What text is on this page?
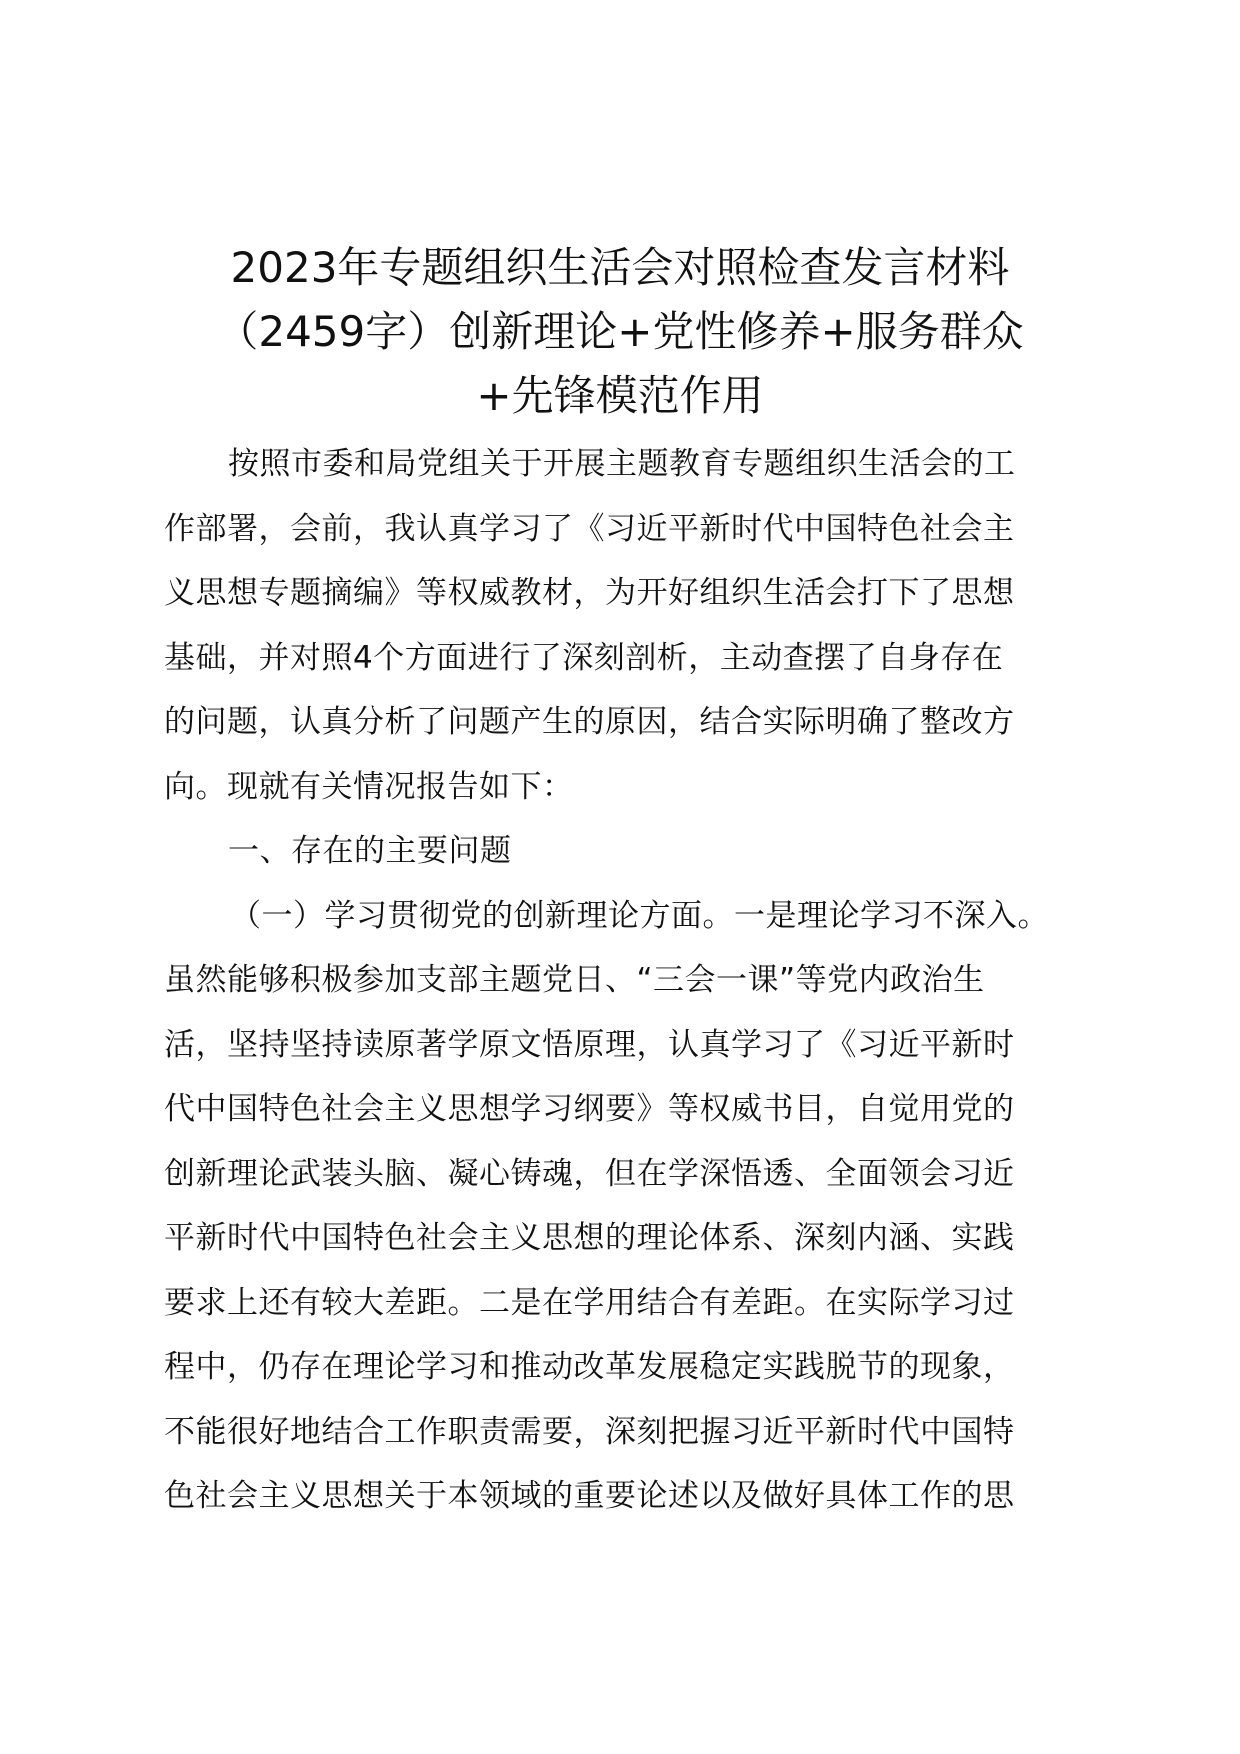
2023年专题组织生活会对照检查发言材料
（2459字）创新理论+党性修养+服务群众
+先锋模范作用
按照市委和局党组关于开展主题教育专题组织生活会的工
作部署，会前，我认真学习了《习近平新时代中国特色社会主
义思想专题摘编》等权威教材，为开好组织生活会打下了思想
基础，并对照4个方面进行了深刻剖析，主动查摆了自身存在
的问题，认真分析了问题产生的原因，结合实际明确了整改方
向。现就有关情况报告如下：
一、存在的主要问题
（一）学习贯彻党的创新理论方面。一是理论学习不深入。
虽然能够积极参加支部主题党日、“三会一课”等党内政治生
活，坚持坚持读原著学原文悟原理，认真学习了《习近平新时
代中国特色社会主义思想学习纲要》等权威书目，自觉用党的
创新理论武装头脑、凝心铸魂，但在学深悟透、全面领会习近
平新时代中国特色社会主义思想的理论体系、深刻内涵、实践
要求上还有较大差距。二是在学用结合有差距。在实际学习过
程中，仍存在理论学习和推动改革发展稳定实践脱节的现象，
不能很好地结合工作职责需要，深刻把握习近平新时代中国特
色社会主义思想关于本领域的重要论述以及做好具体工作的思
